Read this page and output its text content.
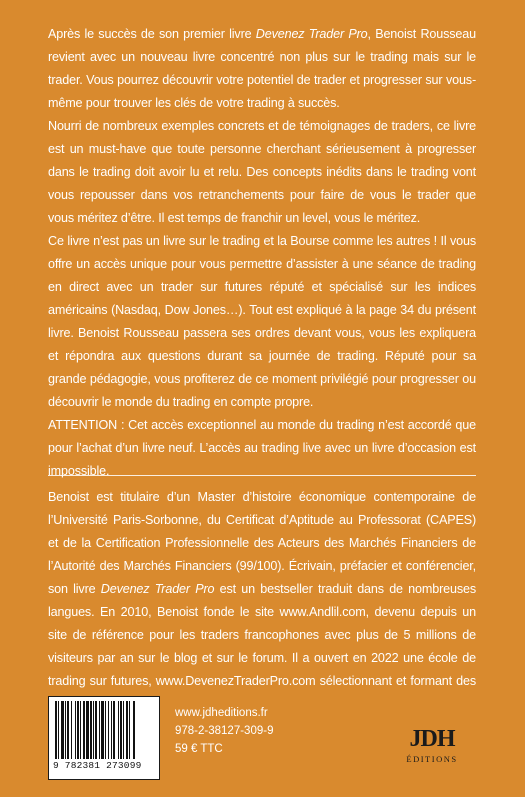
Après le succès de son premier livre Devenez Trader Pro, Benoist Rousseau revient avec un nouveau livre concentré non plus sur le trading mais sur le trader. Vous pourrez découvrir votre potentiel de trader et progresser sur vous-même pour trouver les clés de votre trading à succès.

Nourri de nombreux exemples concrets et de témoignages de traders, ce livre est un must-have que toute personne cherchant sérieusement à progresser dans le trading doit avoir lu et relu. Des concepts inédits dans le trading vont vous repousser dans vos retranchements pour faire de vous le trader que vous méritez d’être. Il est temps de franchir un level, vous le méritez.

Ce livre n’est pas un livre sur le trading et la Bourse comme les autres ! Il vous offre un accès unique pour vous permettre d’assister à une séance de trading en direct avec un trader sur futures réputé et spécialisé sur les indices américains (Nasdaq, Dow Jones…). Tout est expliqué à la page 34 du présent livre. Benoist Rousseau passera ses ordres devant vous, vous les expliquera et répondra aux questions durant sa journée de trading. Réputé pour sa grande pédagogie, vous profiterez de ce moment privilégié pour progresser ou découvrir le monde du trading en compte propre.

ATTENTION : Cet accès exceptionnel au monde du trading n’est accordé que pour l’achat d’un livre neuf. L’accès au trading live avec un livre d’occasion est impossible.

Benoist est titulaire d’un Master d’histoire économique contemporaine de l’Université Paris-Sorbonne, du Certificat d’Aptitude au Professorat (CAPES) et de la Certification Professionnelle des Acteurs des Marchés Financiers de l’Autorité des Marchés Financiers (99/100). Écrivain, préfacier et conférencier, son livre Devenez Trader Pro est un bestseller traduit dans de nombreuses langues. En 2010, Benoist fonde le site www.Andlil.com, devenu depuis un site de référence pour les traders francophones avec plus de 5 millions de visiteurs par an sur le blog et sur le forum. Il a ouvert en 2022 une école de trading sur futures, www.DevenezTraderPro.com sélectionnant et formant des

9 782381 273099
www.jdheditions.fr
978-2-38127-309-9
59 € TTC	JDH
ÉDITIONS
